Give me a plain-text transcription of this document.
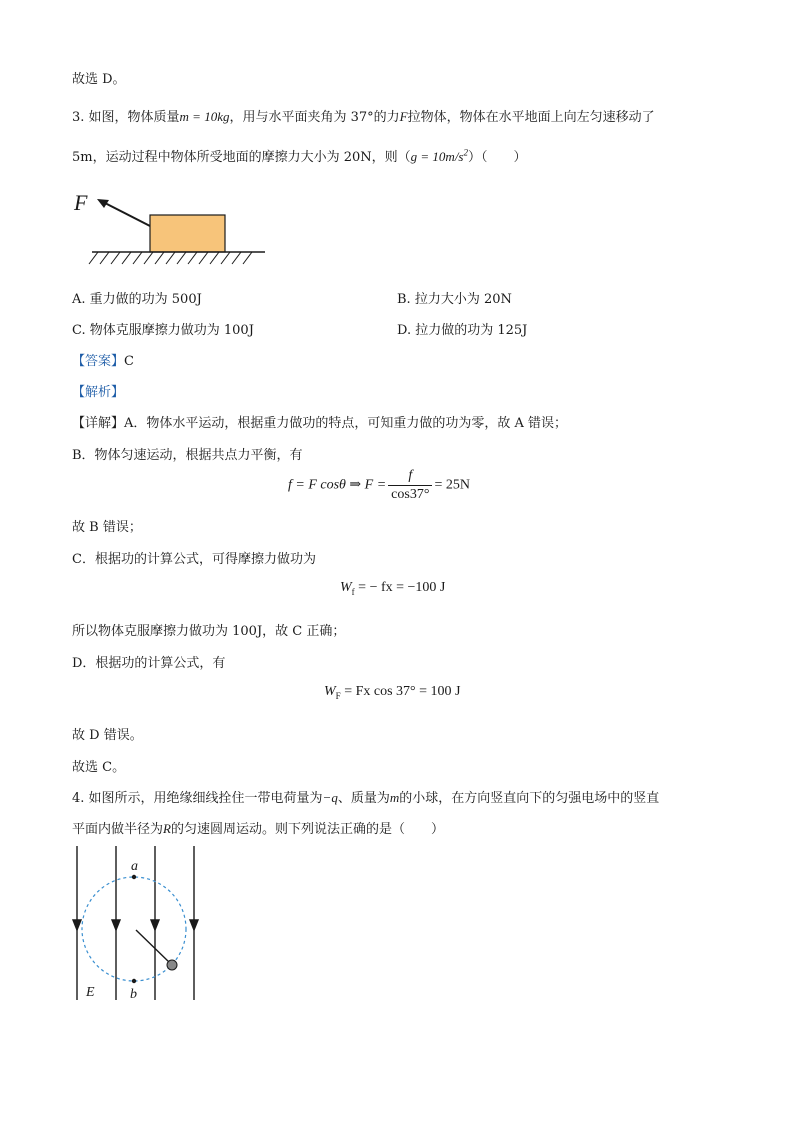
故选 D。
3. 如图，物体质量m = 10kg，用与水平面夹角为 37°的力F拉物体，物体在水平地面上向左匀速移动了
5m，运动过程中物体所受地面的摩擦力大小为 20N，则$(g = 10m/s^2)$（　　）
F
A. 重力做的功为 500J	B. 拉力大小为 20N
C. 物体克服摩擦力做功为 100J	D. 拉力做的功为 125J
【答案】C
【解析】
【详解】A．物体水平运动，根据重力做功的特点，可知重力做的功为零，故 A 错误；
B．物体匀速运动，根据共点力平衡，有
f = F cosθ ⇒ $F = \frac{f}{\cos 37^\circ} = 25N$
故 B 错误；
C．根据功的计算公式，可得摩擦力做功为
$W_f$ = − fx = −100 J
所以物体克服摩擦力做功为 100J，故 C 正确；
D．根据功的计算公式，有
$W_F = Fx$ cos 37° = 100 J
故 D 错误。
故选 C。
4. 如图所示，用绝缘细线拴住一带电荷量为−q、质量为m的小球，在方向竖直向下的匀强电场中的竖直
平面内做半径为R的匀速圆周运动。则下列说法正确的是（　　）
a
b
E
